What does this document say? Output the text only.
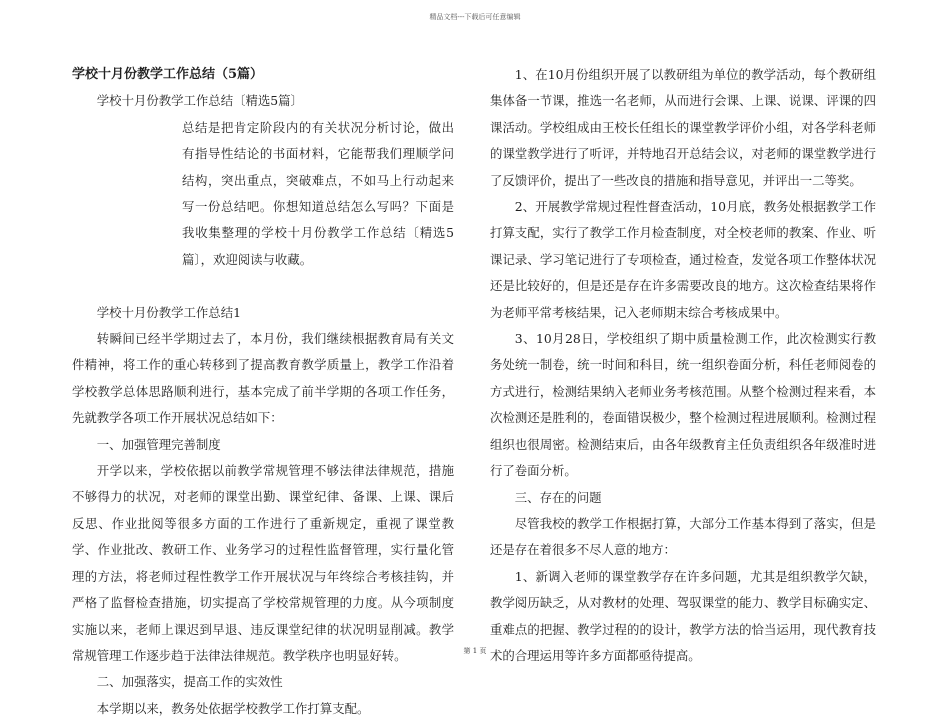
精品文档---下载后可任意编辑

学校十月份教学工作总结（5篇）

学校十月份教学工作总结〔精选5篇〕

总结是把肯定阶段内的有关状况分析讨论，做出有指导性结论的书面材料，它能帮我们理顺学问结构，突出重点，突破难点，不如马上行动起来写一份总结吧。你想知道总结怎么写吗？下面是我收集整理的学校十月份教学工作总结〔精选5篇〕，欢迎阅读与收藏。

学校十月份教学工作总结1

转瞬间已经半学期过去了，本月份，我们继续根据教育局有关文件精神，将工作的重心转移到了提高教育教学质量上，教学工作沿着学校教学总体思路顺利进行，基本完成了前半学期的各项工作任务，先就教学各项工作开展状况总结如下：

一、加强管理完善制度

开学以来，学校依据以前教学常规管理不够法律法律规范，措施不够得力的状况，对老师的课堂出勤、课堂纪律、备课、上课、课后反思、作业批阅等很多方面的工作进行了重新规定，重视了课堂教学、作业批改、教研工作、业务学习的过程性监督管理，实行量化管理的方法，将老师过程性教学工作开展状况与年终综合考核挂钩，并严格了监督检查措施，切实提高了学校常规管理的力度。从今项制度实施以来，老师上课迟到早退、违反课堂纪律的状况明显削减。教学常规管理工作逐步趋于法律法律规范。教学秩序也明显好转。

二、加强落实，提高工作的实效性

本学期以来，教务处依据学校教学工作打算支配。

1、在10月份组织开展了以教研组为单位的教学活动，每个教研组集体备一节课，推选一名老师，从而进行会课、上课、说课、评课的四课活动。学校组成由王校长任组长的课堂教学评价小组，对各学科老师的课堂教学进行了听评，并特地召开总结会议，对老师的课堂教学进行了反馈评价，提出了一些改良的措施和指导意见，并评出一二等奖。

2、开展教学常规过程性督查活动，10月底，教务处根据教学工作打算支配，实行了教学工作月检查制度，对全校老师的教案、作业、听课记录、学习笔记进行了专项检查，通过检查，发觉各项工作整体状况还是比较好的，但是还是存在许多需要改良的地方。这次检查结果将作为老师平常考核结果，记入老师期末综合考核成果中。

3、10月28日，学校组织了期中质量检测工作，此次检测实行教务处统一制卷，统一时间和科目，统一组织卷面分析，科任老师阅卷的方式进行，检测结果纳入老师业务考核范围。从整个检测过程来看，本次检测还是胜利的，卷面错误极少，整个检测过程进展顺利。检测过程组织也很周密。检测结束后，由各年级教育主任负责组织各年级准时进行了卷面分析。

三、存在的问题

尽管我校的教学工作根据打算，大部分工作基本得到了落实，但是还是存在着很多不尽人意的地方：

1、新调入老师的课堂教学存在许多问题，尤其是组织教学欠缺，教学阅历缺乏，从对教材的处理、驾驭课堂的能力、教学目标确实定、重难点的把握、教学过程的的设计，教学方法的恰当运用，现代教育技术的合理运用等许多方面都亟待提高。

第 1 页
